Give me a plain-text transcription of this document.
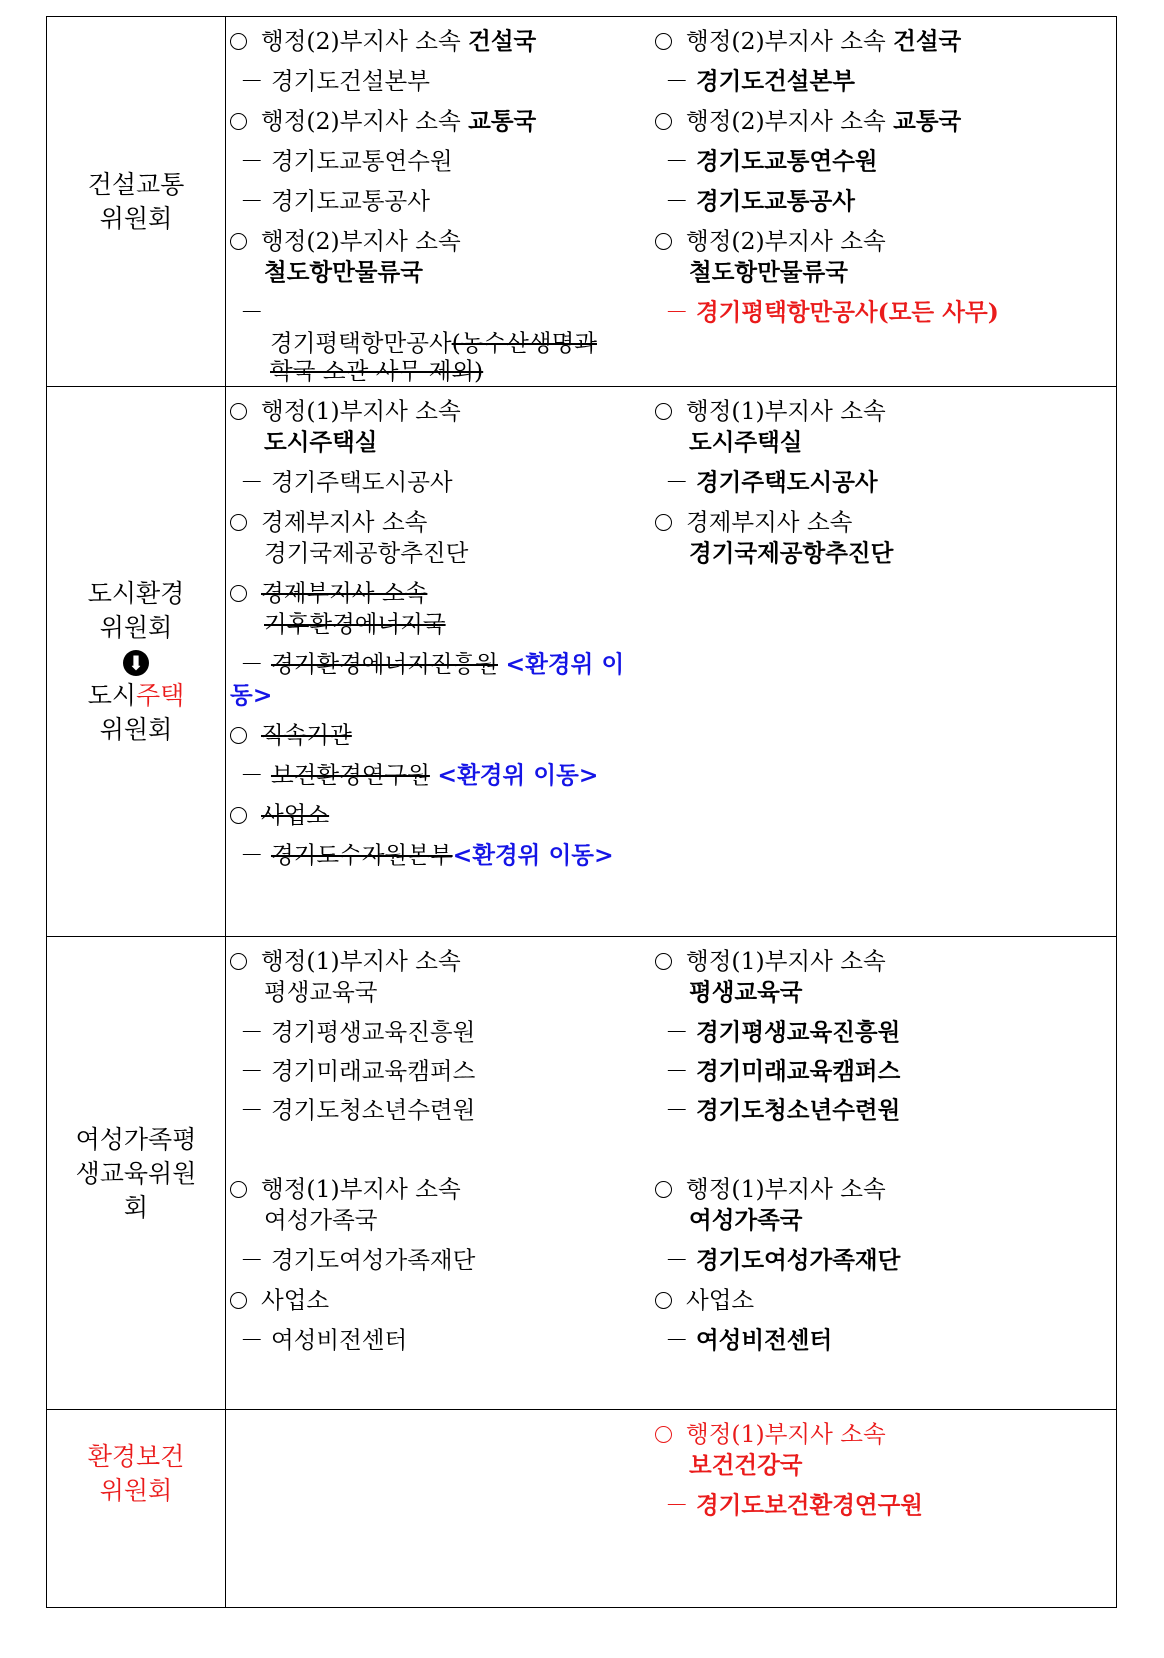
건설교통
위원회
행정(2)부지사 소속 건설국
－ 경기도건설본부
행정(2)부지사 소속 교통국
－ 경기도교통연수원
－ 경기도교통공사
행정(2)부지사 소속
철도항만물류국
－
경기평택항만공사(농수산생명과
학국 소관 사무 제외)
행정(2)부지사 소속 건설국
－ 경기도건설본부
행정(2)부지사 소속 교통국
－ 경기도교통연수원
－ 경기도교통공사
행정(2)부지사 소속
철도항만물류국
－ 경기평택항만공사(모든 사무)
도시환경
위원회
⬇
도시주택
위원회
행정(1)부지사 소속
도시주택실
－ 경기주택도시공사
경제부지사 소속
경기국제공항추진단
경제부지사 소속
기후환경에너지국
－ 경기환경에너지진흥원 <환경위 이
동>
직속기관
－ 보건환경연구원 <환경위 이동>
사업소
－ 경기도수자원본부<환경위 이동>
행정(1)부지사 소속
도시주택실
－ 경기주택도시공사
경제부지사 소속
경기국제공항추진단
여성가족평
생교육위원
회
행정(1)부지사 소속
평생교육국
－ 경기평생교육진흥원
－ 경기미래교육캠퍼스
－ 경기도청소년수련원
행정(1)부지사 소속
여성가족국
－ 경기도여성가족재단
사업소
－ 여성비전센터
행정(1)부지사 소속
평생교육국
－ 경기평생교육진흥원
－ 경기미래교육캠퍼스
－ 경기도청소년수련원
행정(1)부지사 소속
여성가족국
－ 경기도여성가족재단
사업소
－ 여성비전센터
환경보건
위원회
행정(1)부지사 소속
보건건강국
－ 경기도보건환경연구원
